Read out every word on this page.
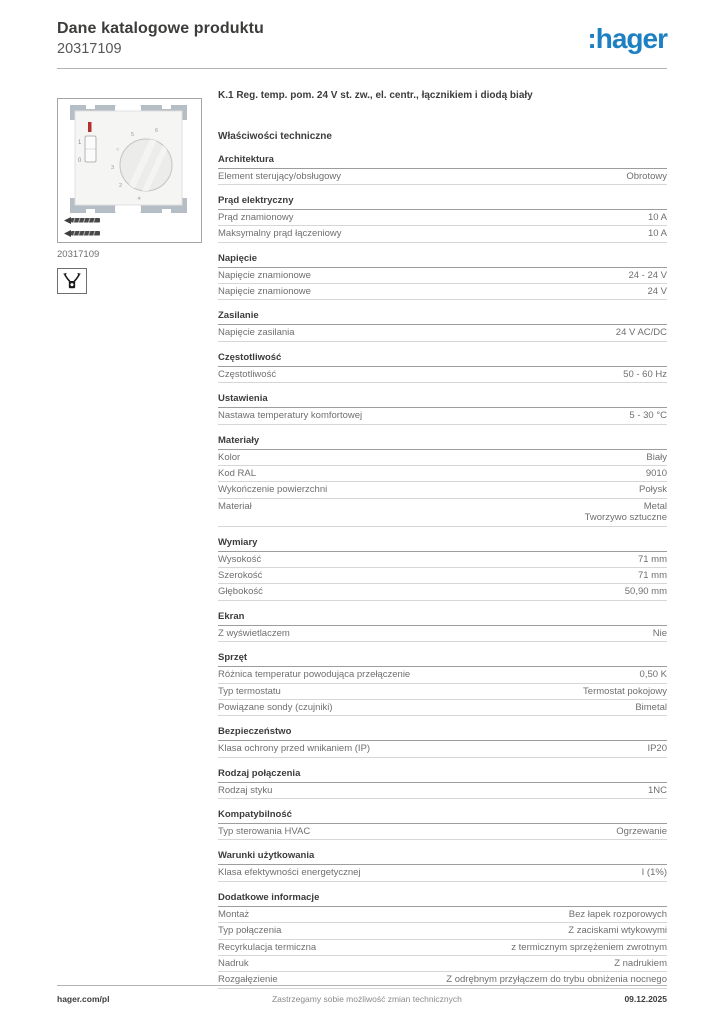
Dane katalogowe produktu
20317109	:hager
1
0
6
5
○
3
2
✳
20317109
K.1 Reg. temp. pom. 24 V st. zw., el. centr., łącznikiem i diodą biały
Właściwości techniczne
Architektura
Element sterujący/obsługowy	Obrotowy
Prąd elektryczny
Prąd znamionowy	10 A
Maksymalny prąd łączeniowy	10 A
Napięcie
Napięcie znamionowe	24 - 24 V
Napięcie znamionowe	24 V
Zasilanie
Napięcie zasilania	24 V AC/DC
Częstotliwość
Częstotliwość	50 - 60 Hz
Ustawienia
Nastawa temperatury komfortowej	5 - 30 °C
Materiały
Kolor	Biały
Kod RAL	9010
Wykończenie powierzchni	Połysk
Materiał	Metal
Tworzywo sztuczne
Wymiary
Wysokość	71 mm
Szerokość	71 mm
Głębokość	50,90 mm
Ekran
Z wyświetlaczem	Nie
Sprzęt
Różnica temperatur powodująca przełączenie	0,50 K
Typ termostatu	Termostat pokojowy
Powiązane sondy (czujniki)	Bimetal
Bezpieczeństwo
Klasa ochrony przed wnikaniem (IP)	IP20
Rodzaj połączenia
Rodzaj styku	1NC
Kompatybilność
Typ sterowania HVAC	Ogrzewanie
Warunki użytkowania
Klasa efektywności energetycznej	I (1%)
Dodatkowe informacje
Montaż	Bez łapek rozporowych
Typ połączenia	Z zaciskami wtykowymi
Recyrkulacja termiczna	z termicznym sprzężeniem zwrotnym
Nadruk	Z nadrukiem
Rozgałęzienie	Z odrębnym przyłączem do trybu obniżenia nocnego
hager.com/pl	Zastrzegamy sobie możliwość zmian technicznych	09.12.2025
